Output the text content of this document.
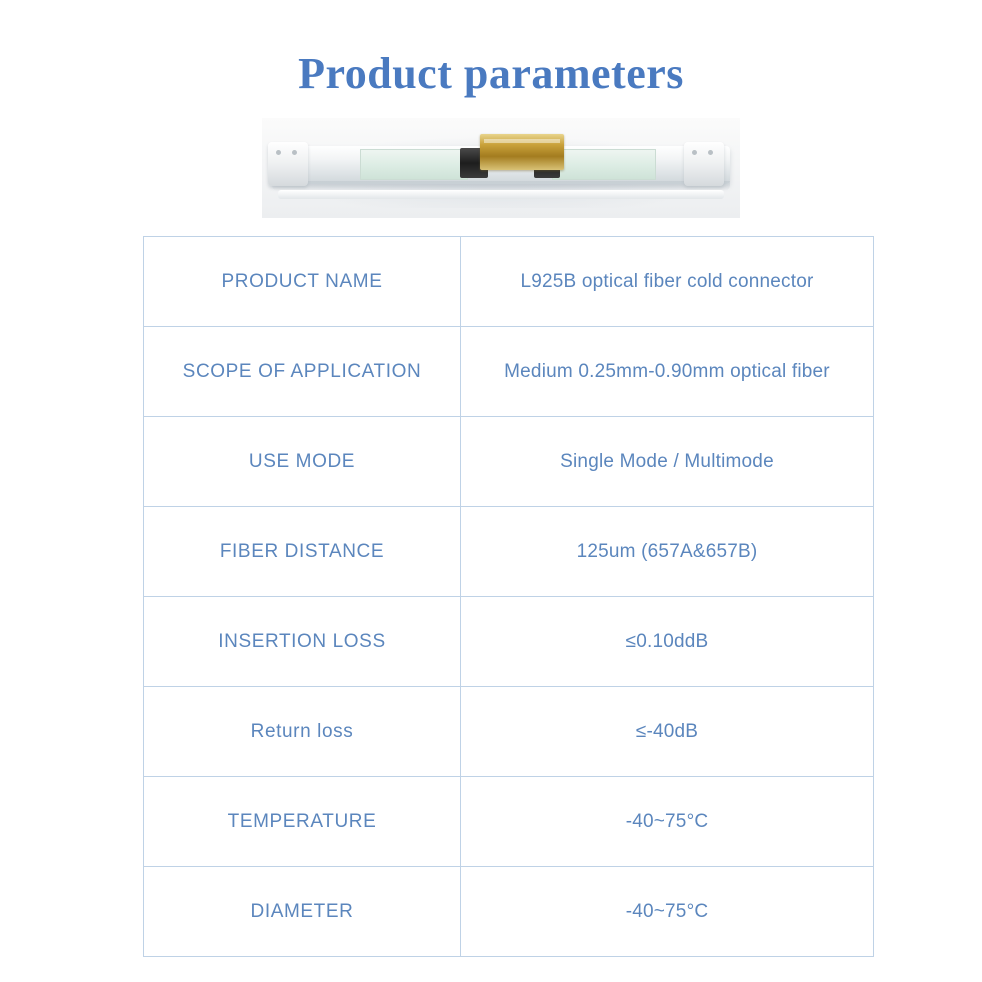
Product parameters
PRODUCT NAME	L925B optical fiber cold connector
SCOPE OF APPLICATION	Medium 0.25mm-0.90mm optical fiber
USE MODE	Single Mode / Multimode
FIBER DISTANCE	125um (657A&657B)
INSERTION LOSS	≤0.10ddB
Return loss	≤-40dB
TEMPERATURE	-40~75°C
DIAMETER	-40~75°C
